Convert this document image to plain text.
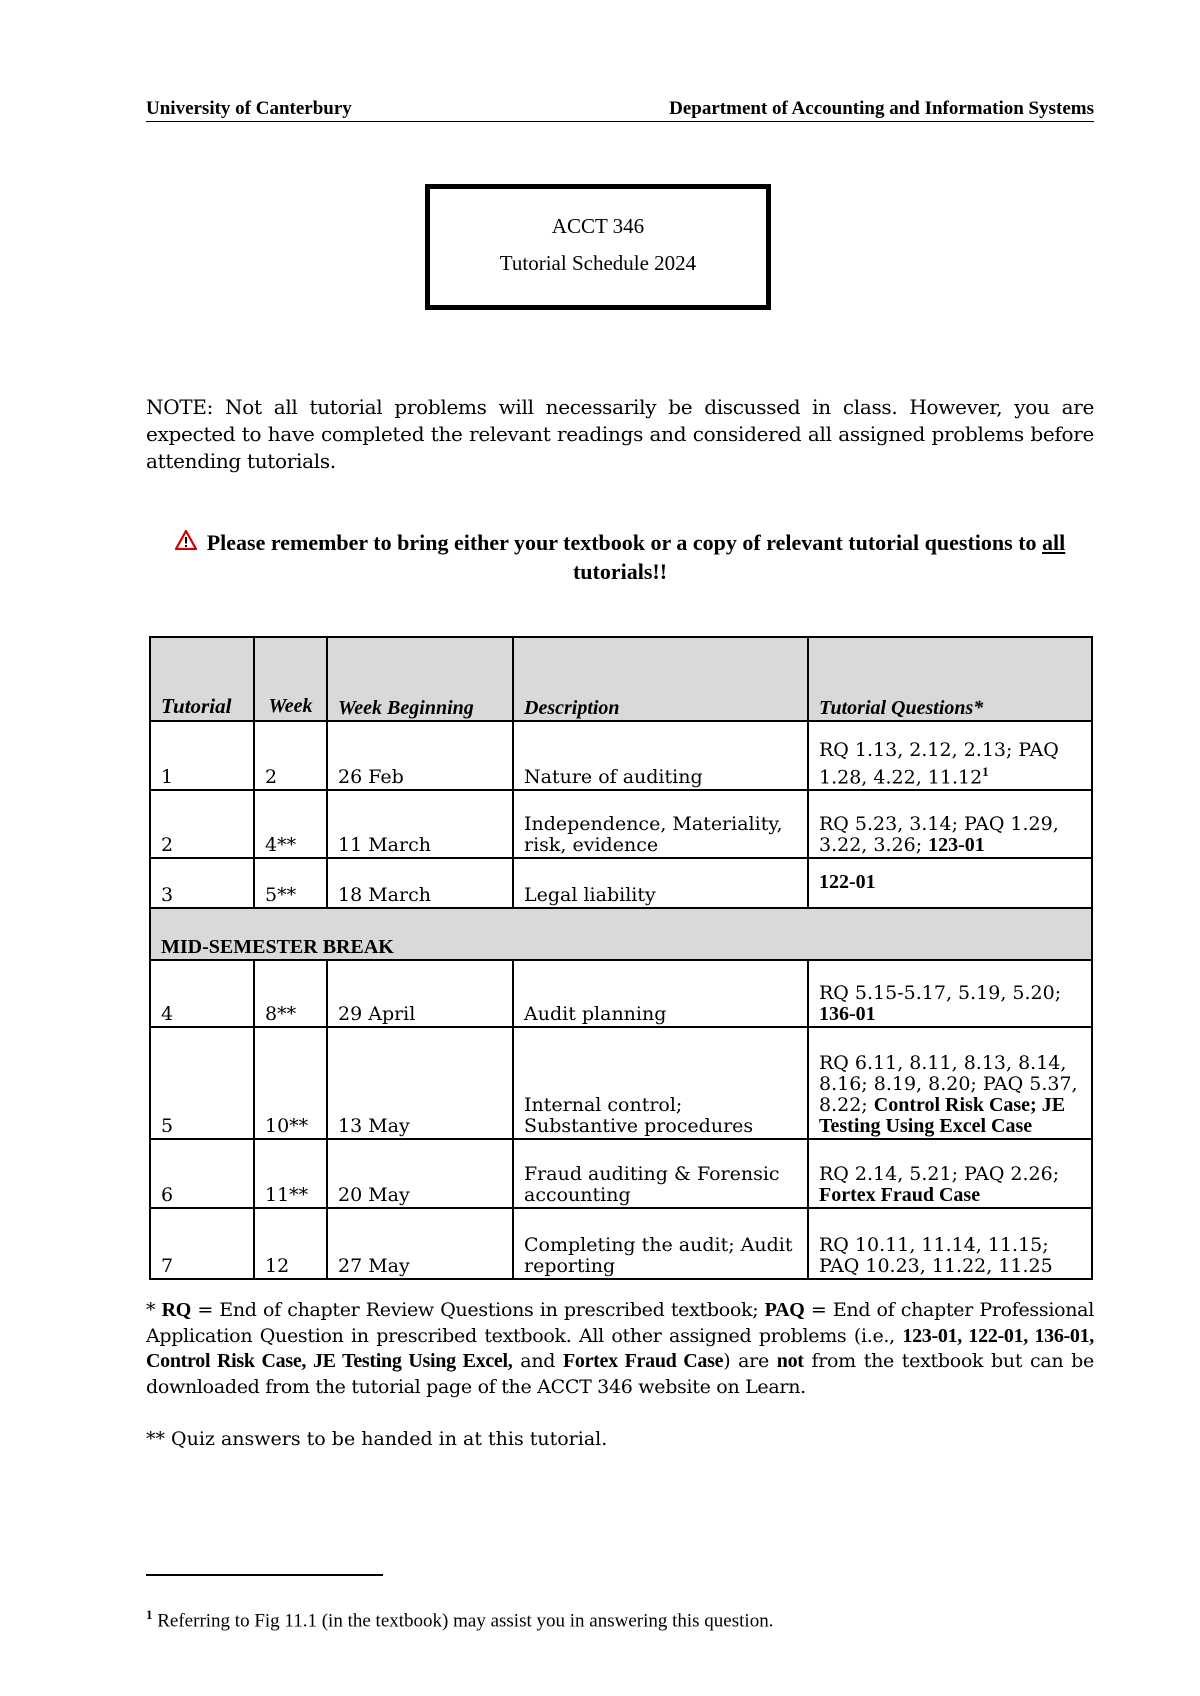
University of Canterbury	Department of Accounting and Information Systems
ACCT 346
Tutorial Schedule 2024
NOTE: Not all tutorial problems will necessarily be discussed in class. However, you are expected to have completed the relevant readings and considered all assigned problems before attending tutorials.
Please remember to bring either your textbook or a copy of relevant tutorial questions to all tutorials!!
Tutorial	Week	Week Beginning	Description	Tutorial Questions*
1	2	26 Feb	Nature of auditing	RQ 1.13, 2.12, 2.13; PAQ 1.28, 4.22, 11.12$^1$
2	4**	11 March	Independence, Materiality, risk, evidence	RQ 5.23, 3.14; PAQ 1.29, 3.22, 3.26; 123-01
3	5**	18 March	Legal liability	122-01
MID-SEMESTER BREAK				
4	8**	29 April	Audit planning	RQ 5.15-5.17, 5.19, 5.20; 136-01
5	10**	13 May	Internal control; Substantive procedures	RQ 6.11, 8.11, 8.13, 8.14, 8.16; 8.19, 8.20; PAQ 5.37, 8.22; Control Risk Case; JE Testing Using Excel Case
6	11**	20 May	Fraud auditing & Forensic accounting	RQ 2.14, 5.21; PAQ 2.26; Fortex Fraud Case
7	12	27 May	Completing the audit; Audit reporting	RQ 10.11, 11.14, 11.15; PAQ 10.23, 11.22, 11.25
* RQ = End of chapter Review Questions in prescribed textbook; PAQ = End of chapter Professional Application Question in prescribed textbook. All other assigned problems (i.e., 123-01, 122-01, 136-01, Control Risk Case, JE Testing Using Excel, and Fortex Fraud Case) are not from the textbook but can be downloaded from the tutorial page of the ACCT 346 website on Learn.
** Quiz answers to be handed in at this tutorial.
$^1$ Referring to Fig 11.1 (in the textbook) may assist you in answering this question.
